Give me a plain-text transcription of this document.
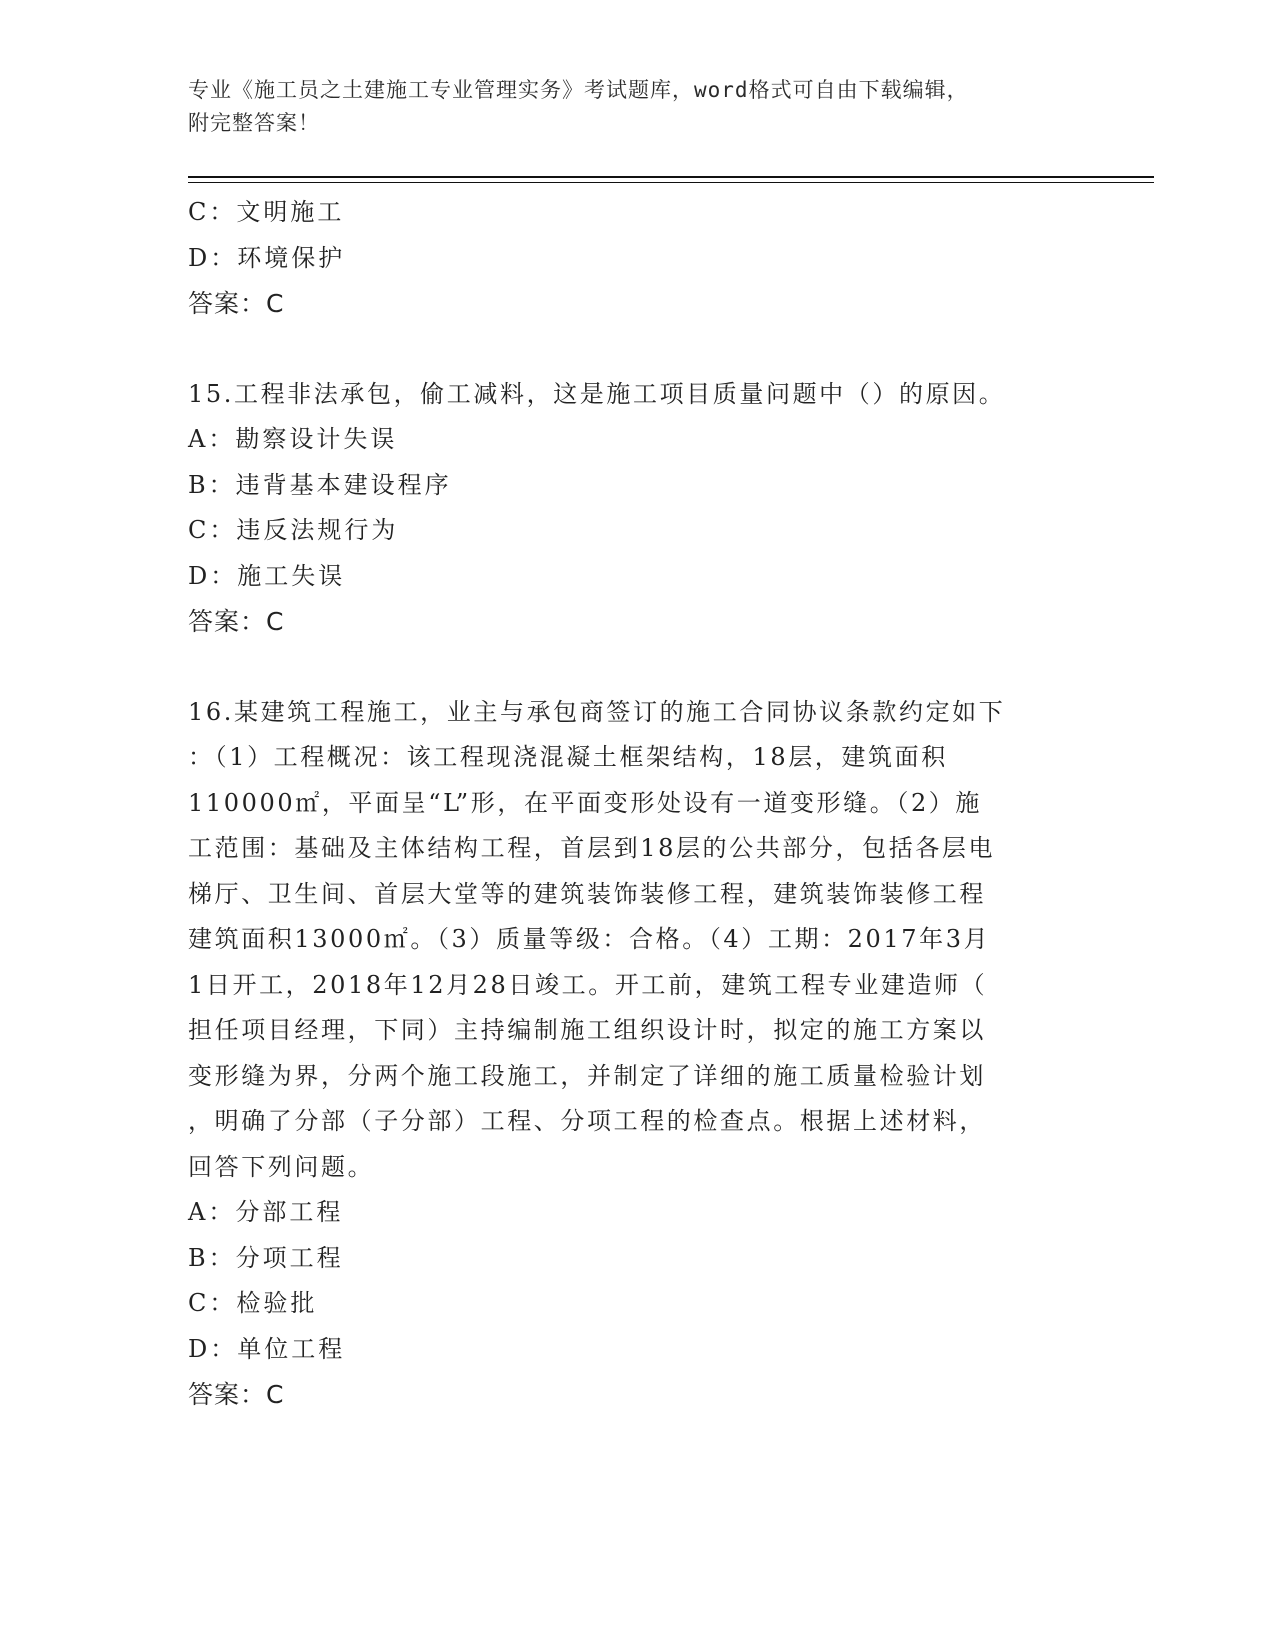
专业《施工员之土建施工专业管理实务》考试题库，word格式可自由下载编辑，
附完整答案！
C：文明施工
D：环境保护
答案：C
15.工程非法承包，偷工减料，这是施工项目质量问题中（）的原因。
A：勘察设计失误
B：违背基本建设程序
C：违反法规行为
D：施工失误
答案：C
16.某建筑工程施工，业主与承包商签订的施工合同协议条款约定如下
：（1）工程概况：该工程现浇混凝土框架结构，18层，建筑面积
110000㎡，平面呈“L”形，在平面变形处设有一道变形缝。（2）施
工范围：基础及主体结构工程，首层到18层的公共部分，包括各层电
梯厅、卫生间、首层大堂等的建筑装饰装修工程，建筑装饰装修工程
建筑面积13000㎡。（3）质量等级：合格。（4）工期：2017年3月
1日开工，2018年12月28日竣工。开工前，建筑工程专业建造师（
担任项目经理，下同）主持编制施工组织设计时，拟定的施工方案以
变形缝为界，分两个施工段施工，并制定了详细的施工质量检验计划
，明确了分部（子分部）工程、分项工程的检查点。根据上述材料，
回答下列问题。
A：分部工程
B：分项工程
C：检验批
D：单位工程
答案：C
